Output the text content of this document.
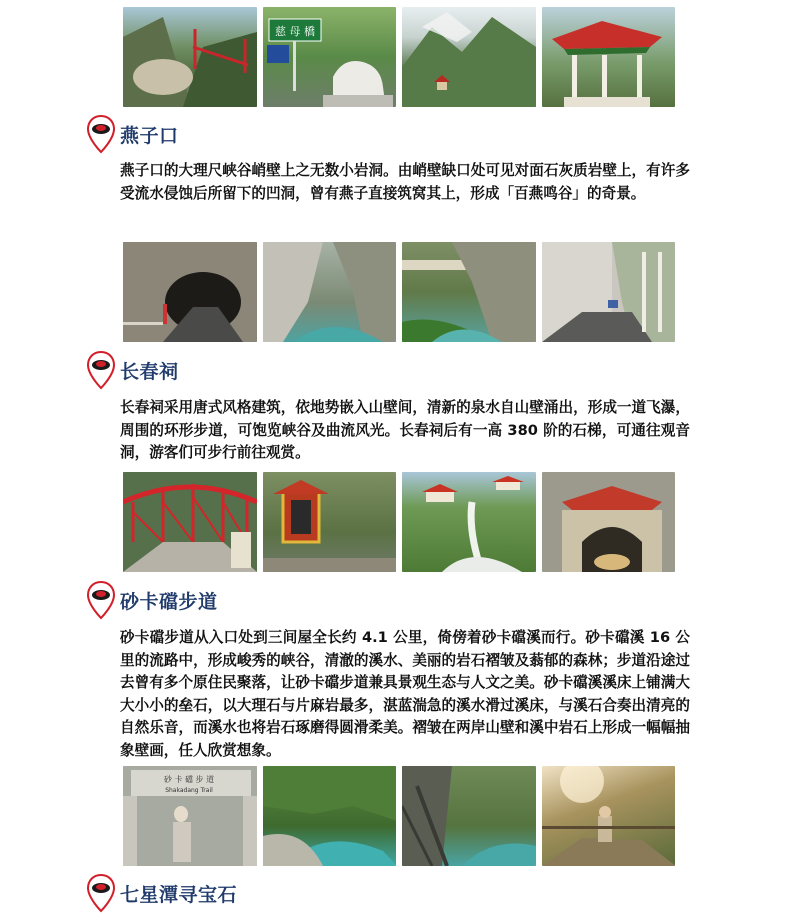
慈 母 橋
燕子口
燕子口的大理尺峡谷峭壁上之无数小岩洞。由峭壁缺口处可见对面石灰质岩壁上，有许多受流水侵蚀后所留下的凹洞，曾有燕子直接筑窝其上，形成「百燕鸣谷」的奇景。
长春祠
长春祠采用唐式风格建筑，依地势嵌入山壁间，清新的泉水自山壁涌出，形成一道飞瀑，周围的环形步道，可饱览峡谷及曲流风光。长春祠后有一高 380 阶的石梯，可通往观音洞，游客们可步行前往观赏。
砂卡礑步道
砂卡礑步道从入口处到三间屋全长约 4.1 公里，倚傍着砂卡礑溪而行。砂卡礑溪 16 公里的流路中，形成峻秀的峡谷，清澈的溪水、美丽的岩石褶皱及蓊郁的森林；步道沿途过去曾有多个原住民聚落，让砂卡礑步道兼具景观生态与人文之美。砂卡礑溪溪床上铺满大大小小的垒石，以大理石与片麻岩最多，湛蓝湍急的溪水滑过溪床，与溪石合奏出清亮的自然乐音，而溪水也将岩石琢磨得圆滑柔美。褶皱在两岸山壁和溪中岩石上形成一幅幅抽象壁画，任人欣赏想象。
砂 卡 礑 步 道
Shakadang Trail
七星潭寻宝石
